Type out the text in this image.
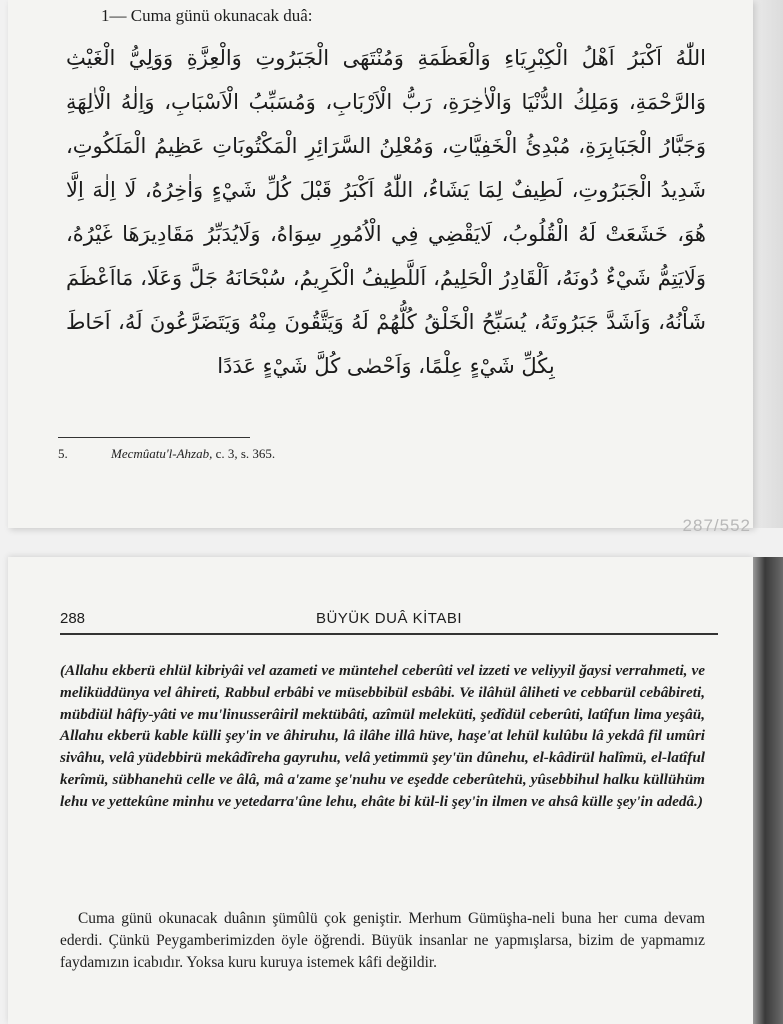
1— Cuma günü okunacak duâ:
اللّٰهُ اَكْبَرُ اَهْلُ الْكِبْرِيَاءِ وَالْعَظَمَةِ وَمُنْتَهَى الْجَبَرُوتِ وَالْعِزَّةِ وَوَلِيُّ الْغَيْثِ وَالرَّحْمَةِ، وَمَلِكُ الدُّنْيَا وَالْاٰخِرَةِ، رَبُّ الْاَرْبَابِ، وَمُسَبِّبُ الْاَسْبَابِ، وَاِلٰهُ الْاٰلِهَةِ وَجَبَّارُ الْجَبَابِرَةِ، مُبْدِئُ الْخَفِيَّاتِ، وَمُعْلِنُ السَّرَائِرِ الْمَكْتُوبَاتِ عَظِيمُ الْمَلَكُوتِ، شَدِيدُ الْجَبَرُوتِ، لَطِيفٌ لِمَا يَشَاءُ، اللّٰهُ اَكْبَرُ قَبْلَ كُلِّ شَيْءٍ وَاٰخِرُهُ، لَا اِلٰهَ اِلَّا هُوَ، خَشَعَتْ لَهُ الْقُلُوبُ، لَايَقْضِي فِي الْاُمُورِ سِوَاهُ، وَلَايُدَبِّرُ مَقَادِيرَهَا غَيْرُهُ، وَلَايَتِمُّ شَيْءٌ دُونَهُ، اَلْقَادِرُ الْحَلِيمُ، اَللَّطِيفُ الْكَرِيمُ، سُبْحَانَهُ جَلَّ وَعَلَا، مَااَعْظَمَ شَاْنُهُ، وَاَشَدَّ جَبَرُوتَهُ، يُسَبِّحُ الْخَلْقُ كُلُّهُمْ لَهُ وَيَتَّقُونَ مِنْهُ وَيَتَضَرَّعُونَ لَهُ، اَحَاطَ بِكُلِّ شَيْءٍ عِلْمًا، وَاَحْصٰى كُلَّ شَيْءٍ عَدَدًا
5.	Mecmûatu'l-Ahzab, c. 3, s. 365.
287/552
288	BÜYÜK DUÂ KİTABI
(Allahu ekberü ehlül kibriyâi vel azameti ve müntehel ceberûti vel izzeti ve veliyyil ğaysi verrahmeti, ve meliküddünya vel âhireti, Rabbul erbâbi ve müsebbibül esbâbi. Ve ilâhül âliheti ve cebbarül cebâbireti, mübdiül hâfiy-yâti ve mu'linusserâiril mektübâti, azîmül meleküti, şedîdül ceberûti, latîfun lima yeşâü, Allahu ekberü kable külli şey'in ve âhiruhu, lâ ilâhe illâ hüve, haşe'at lehül kulûbu lâ yekdâ fil umûri sivâhu, velâ yüdebbirü mekâdîreha gayruhu, velâ yetimmü şey'ün dûnehu, el-kâdirül halîmü, el-latîful kerîmü, sübhanehü celle ve âlâ, mâ a'zame şe'nuhu ve eşedde ceberûtehü, yûsebbihul halku küllühüm lehu ve yettekûne minhu ve yetedarra'ûne lehu, ehâte bi kül-li şey'in ilmen ve ahsâ külle şey'in adedâ.)
Cuma günü okunacak duânın şümûlü çok geniştir. Merhum Gümüşha-neli buna her cuma devam ederdi. Çünkü Peygamberimizden öyle öğrendi. Büyük insanlar ne yapmışlarsa, bizim de yapmamız faydamızın icabıdır. Yoksa kuru kuruya istemek kâfi değildir.
